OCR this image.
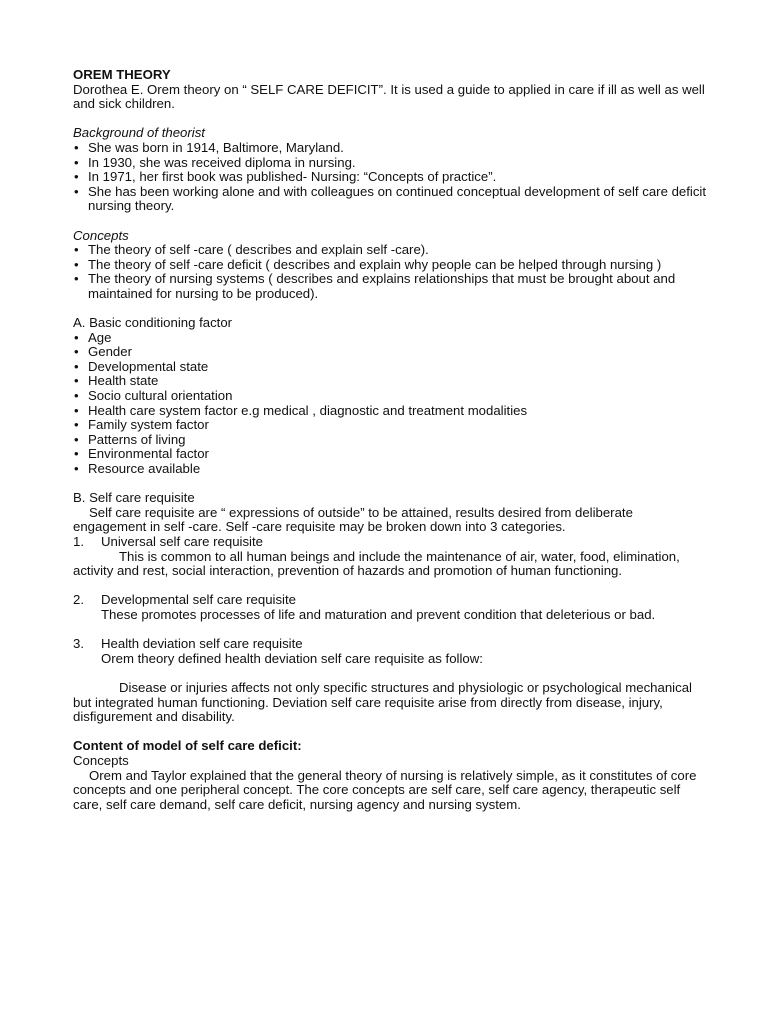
OREM THEORY

Dorothea E. Orem theory on “ SELF CARE DEFICIT”. It is used a guide to applied in care if ill as well as well and sick children.

Background of theorist

• She was born in 1914, Baltimore, Maryland.
• In 1930, she was received diploma in nursing.
• In 1971, her first book was published- Nursing: “Concepts of practice”.
• She has been working alone and with colleagues on continued conceptual development of self care deficit nursing theory.

Concepts

• The theory of self -care ( describes and explain self -care).
• The theory of self -care deficit ( describes and explain why people can be helped through nursing )
• The theory of nursing systems ( describes and explains relationships that must be brought about and maintained for nursing to be produced).

A. Basic conditioning factor

• Age
• Gender
• Developmental state
• Health state
• Socio cultural orientation
• Health care system factor e.g medical , diagnostic and treatment modalities
• Family system factor
• Patterns of living
• Environmental factor
• Resource available

B. Self care requisite

Self care requisite are “ expressions of outside” to be attained, results desired from deliberate engagement in self -care. Self -care requisite may be broken down into 3 categories.

1. Universal self care requisite

This is common to all human beings and include the maintenance of air, water, food, elimination, activity and rest, social interaction, prevention of hazards and promotion of human functioning.

2. Developmental self care requisite

These promotes processes of life and maturation and prevent condition that deleterious or bad.

3. Health deviation self care requisite

Orem theory defined health deviation self care requisite as follow:

Disease or injuries affects not only specific structures and physiologic or psychological mechanical but integrated human functioning. Deviation self care requisite arise from directly from disease, injury, disfigurement and disability.

Content of model of self care deficit:

Concepts

Orem and Taylor explained that the general theory of nursing is relatively simple, as it constitutes of core concepts and one peripheral concept. The core concepts are self care, self care agency, therapeutic self care, self care demand, self care deficit, nursing agency and nursing system.
